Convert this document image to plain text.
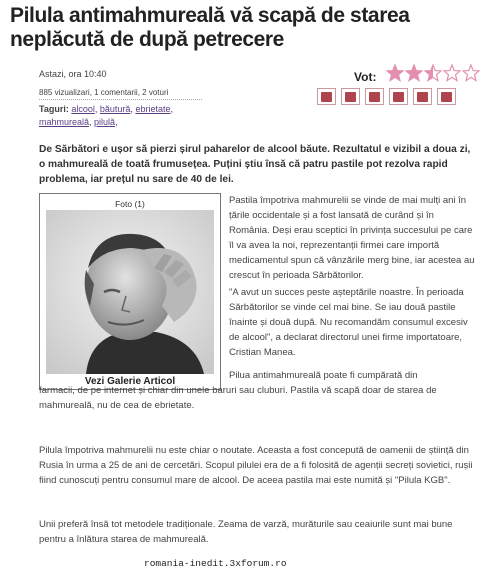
Pilula antimahmureală vă scapă de starea neplăcută de după petrecere
Astazi, ora 10:40	Vot:
885 vizualizari, 1 comentarii, 2 voturi
Taguri: alcool, băutură, ebrietate, mahmureală, pilulă,
De Sărbători e ușor să pierzi șirul paharelor de alcool băute. Rezultatul e vizibil a doua zi, o mahmureală de toată frumusețea. Puțini știu însă că patru pastile pot rezolva rapid problema, iar prețul nu sare de 40 de lei.
Foto (1)
Vezi Galerie Articol
Pastila împotriva mahmurelii se vinde de mai mulți ani în țările occidentale și a fost lansată de curând și în România. Deși erau sceptici în privința succesului pe care îl va avea la noi, reprezentanții firmei care importă medicamentul spun că vânzările merg bine, iar acestea au crescut în perioada Sărbătorilor.
"A avut un succes peste așteptările noastre. În perioada Sărbătorilor se vinde cel mai bine. Se iau două pastile înainte și două după. Nu recomandăm consumul excesiv de alcool", a declarat directorul unei firme importatoare, Cristian Manea.
Pilua antimahmureală poate fi cumpărată din
farmacii, de pe internet și chiar din unele baruri sau cluburi. Pastila vă scapă doar de starea de mahmureală, nu de cea de ebrietate.
Pilula împotriva mahmurelii nu este chiar o noutate. Aceasta a fost concepută de oamenii de știință din Rusia în urma a 25 de ani de cercetări. Scopul pilulei era de a fi folosită de agenții secreți sovietici, rușii fiind cunoscuți pentru consumul mare de alcool. De aceea pastila mai este numită și "Pilula KGB".
Unii preferă însă tot metodele tradiționale. Zeama de varză, murăturile sau ceaiurile sunt mai bune pentru a înlătura starea de mahmureală.
romania-inedit.3xforum.ro
